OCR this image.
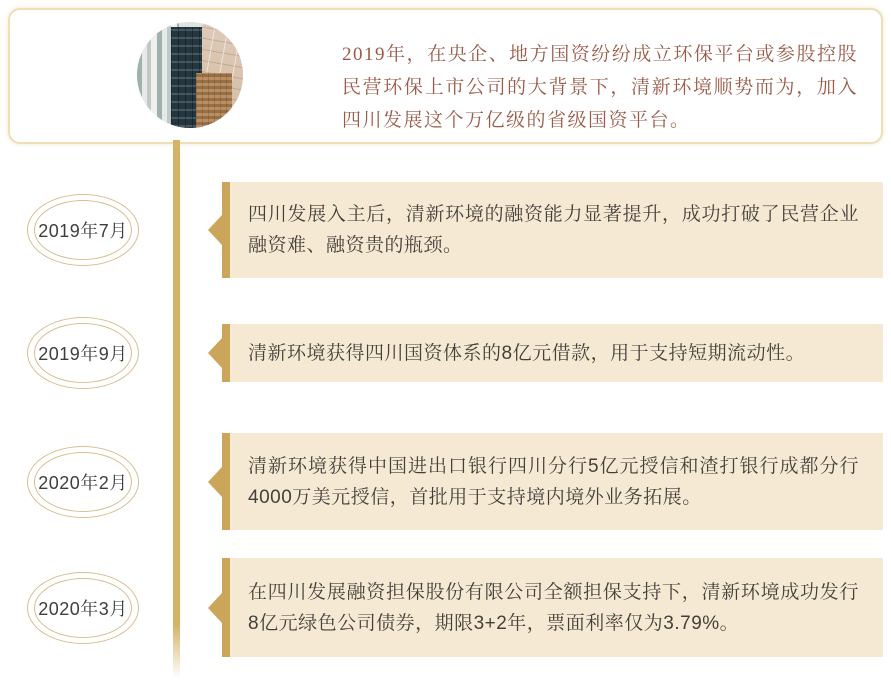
2019年，在央企、地方国资纷纷成立环保平台或参股控股民营环保上市公司的大背景下，清新环境顺势而为，加入四川发展这个万亿级的省级国资平台。

2019年7月

四川发展入主后，清新环境的融资能力显著提升，成功打破了民营企业融资难、融资贵的瓶颈。

2019年9月	清新环境获得四川国资体系的8亿元借款，用于支持短期流动性。

2020年2月

清新环境获得中国进出口银行四川分行5亿元授信和渣打银行成都分行4000万美元授信，首批用于支持境内境外业务拓展。

2020年3月

在四川发展融资担保股份有限公司全额担保支持下，清新环境成功发行8亿元绿色公司债券，期限3+2年，票面利率仅为3.79%。
